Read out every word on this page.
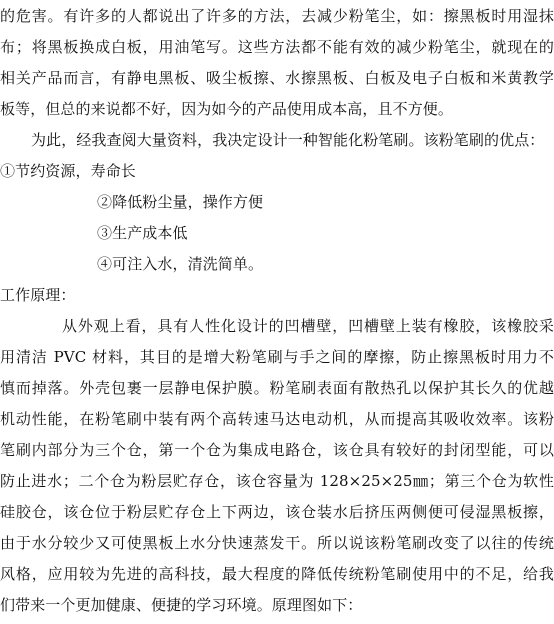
的危害。有许多的人都说出了许多的方法，去减少粉笔尘，如：擦黑板时用湿抹
布；将黑板换成白板，用油笔写。这些方法都不能有效的减少粉笔尘，就现在的
相关产品而言，有静电黑板、吸尘板擦、水擦黑板、白板及电子白板和米黄教学
板等，但总的来说都不好，因为如今的产品使用成本高，且不方便。
为此，经我查阅大量资料，我决定设计一种智能化粉笔刷。该粉笔刷的优点：
①节约资源，寿命长
②降低粉尘量，操作方便
③生产成本低
④可注入水，清洗简单。
工作原理：
从外观上看，具有人性化设计的凹槽壁，凹槽壁上装有橡胶，该橡胶采
用清洁 PVC 材料，其目的是增大粉笔刷与手之间的摩擦，防止擦黑板时用力不
慎而掉落。外壳包裹一层静电保护膜。粉笔刷表面有散热孔以保护其长久的优越
机动性能，在粉笔刷中装有两个高转速马达电动机，从而提高其吸收效率。该粉
笔刷内部分为三个仓，第一个仓为集成电路仓，该仓具有较好的封闭型能，可以
防止进水；二个仓为粉层贮存仓，该仓容量为 128×25×25㎜；第三个仓为软性
硅胶仓，该仓位于粉层贮存仓上下两边，该仓装水后挤压两侧便可侵湿黑板擦，
由于水分较少又可使黑板上水分快速蒸发干。所以说该粉笔刷改变了以往的传统
风格，应用较为先进的高科技，最大程度的降低传统粉笔刷使用中的不足，给我
们带来一个更加健康、便捷的学习环境。原理图如下：
